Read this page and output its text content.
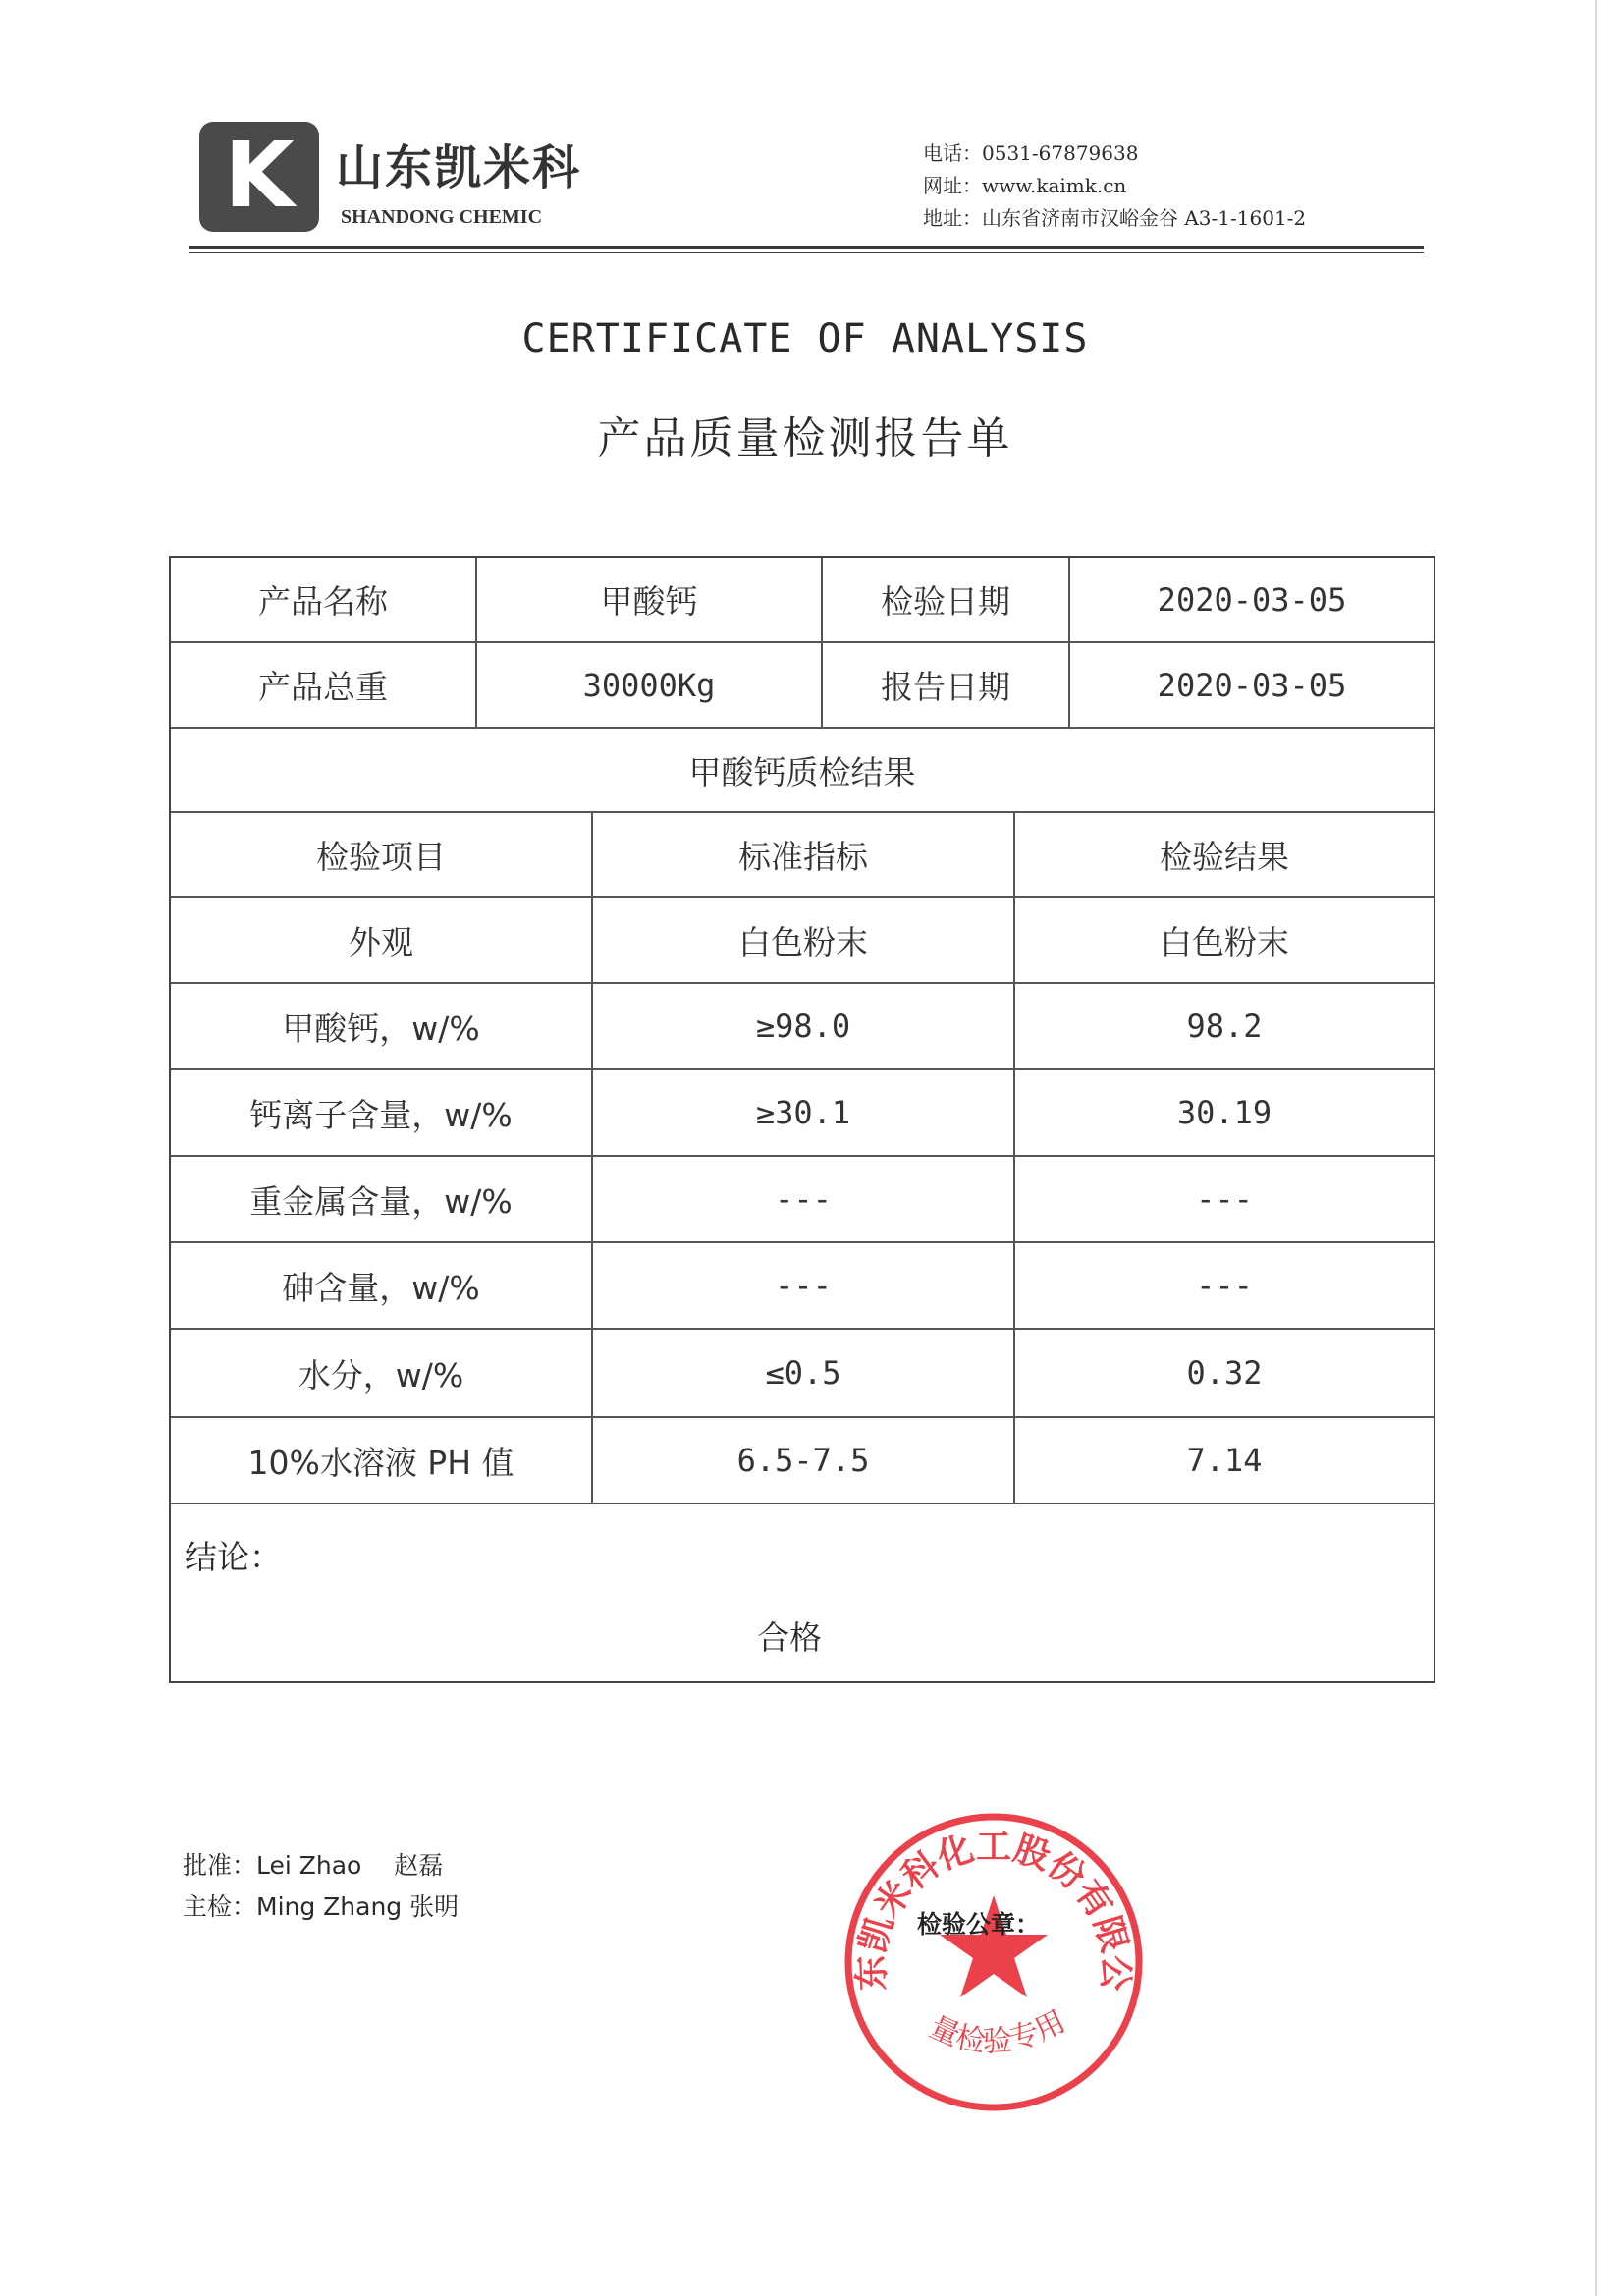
K 山东凯米科
SHANDONG CHEMIC
电话：0531-67879638
网址：www.kaimk.cn
地址：山东省济南市汉峪金谷 A3-1-1601-2
CERTIFICATE OF ANALYSIS
产品质量检测报告单
产品名称	甲酸钙	检验日期	2020-03-05
产品总重	30000Kg	报告日期	2020-03-05
甲酸钙质检结果
检验项目	标准指标	检验结果
外观	白色粉末	白色粉末
甲酸钙，w/%	≥98.0	98.2
钙离子含量，w/%	≥30.1	30.19
重金属含量，w/%	---	---
砷含量，w/%	---	---
水分，w/%	≤0.5	0.32
10%水溶液 PH 值	6.5-7.5	7.14
结论：
合格
批准：Lei Zhao　 赵磊
主检：Ming Zhang 张明
东凯米科化工股份有限公
量检验专用
检验公章：
